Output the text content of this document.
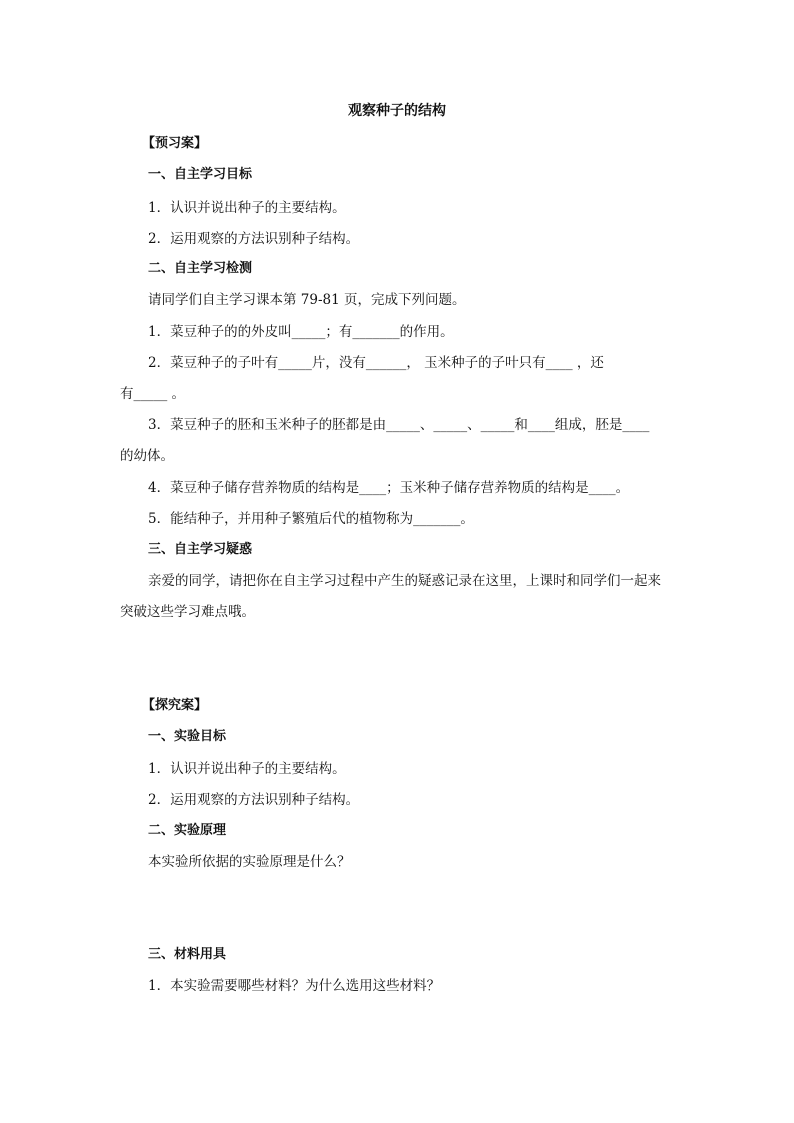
观察种子的结构
【预习案】
一、自主学习目标
1．认识并说出种子的主要结构。
2．运用观察的方法识别种子结构。
二、自主学习检测
请同学们自主学习课本第 79-81 页，完成下列问题。
1．菜豆种子的的外皮叫_____；有_______的作用。
2．菜豆种子的子叶有_____片，没有______， 玉米种子的子叶只有____ ，还
有_____ 。
3．菜豆种子的胚和玉米种子的胚都是由_____、_____、_____和____组成，胚是____
的幼体。
4．菜豆种子储存营养物质的结构是____；玉米种子储存营养物质的结构是____。
5．能结种子，并用种子繁殖后代的植物称为_______。
三、自主学习疑惑
亲爱的同学，请把你在自主学习过程中产生的疑惑记录在这里，上课时和同学们一起来
突破这些学习难点哦。
【探究案】
一、实验目标
1．认识并说出种子的主要结构。
2．运用观察的方法识别种子结构。
二、实验原理
本实验所依据的实验原理是什么？
三、材料用具
1．本实验需要哪些材料？为什么选用这些材料？
